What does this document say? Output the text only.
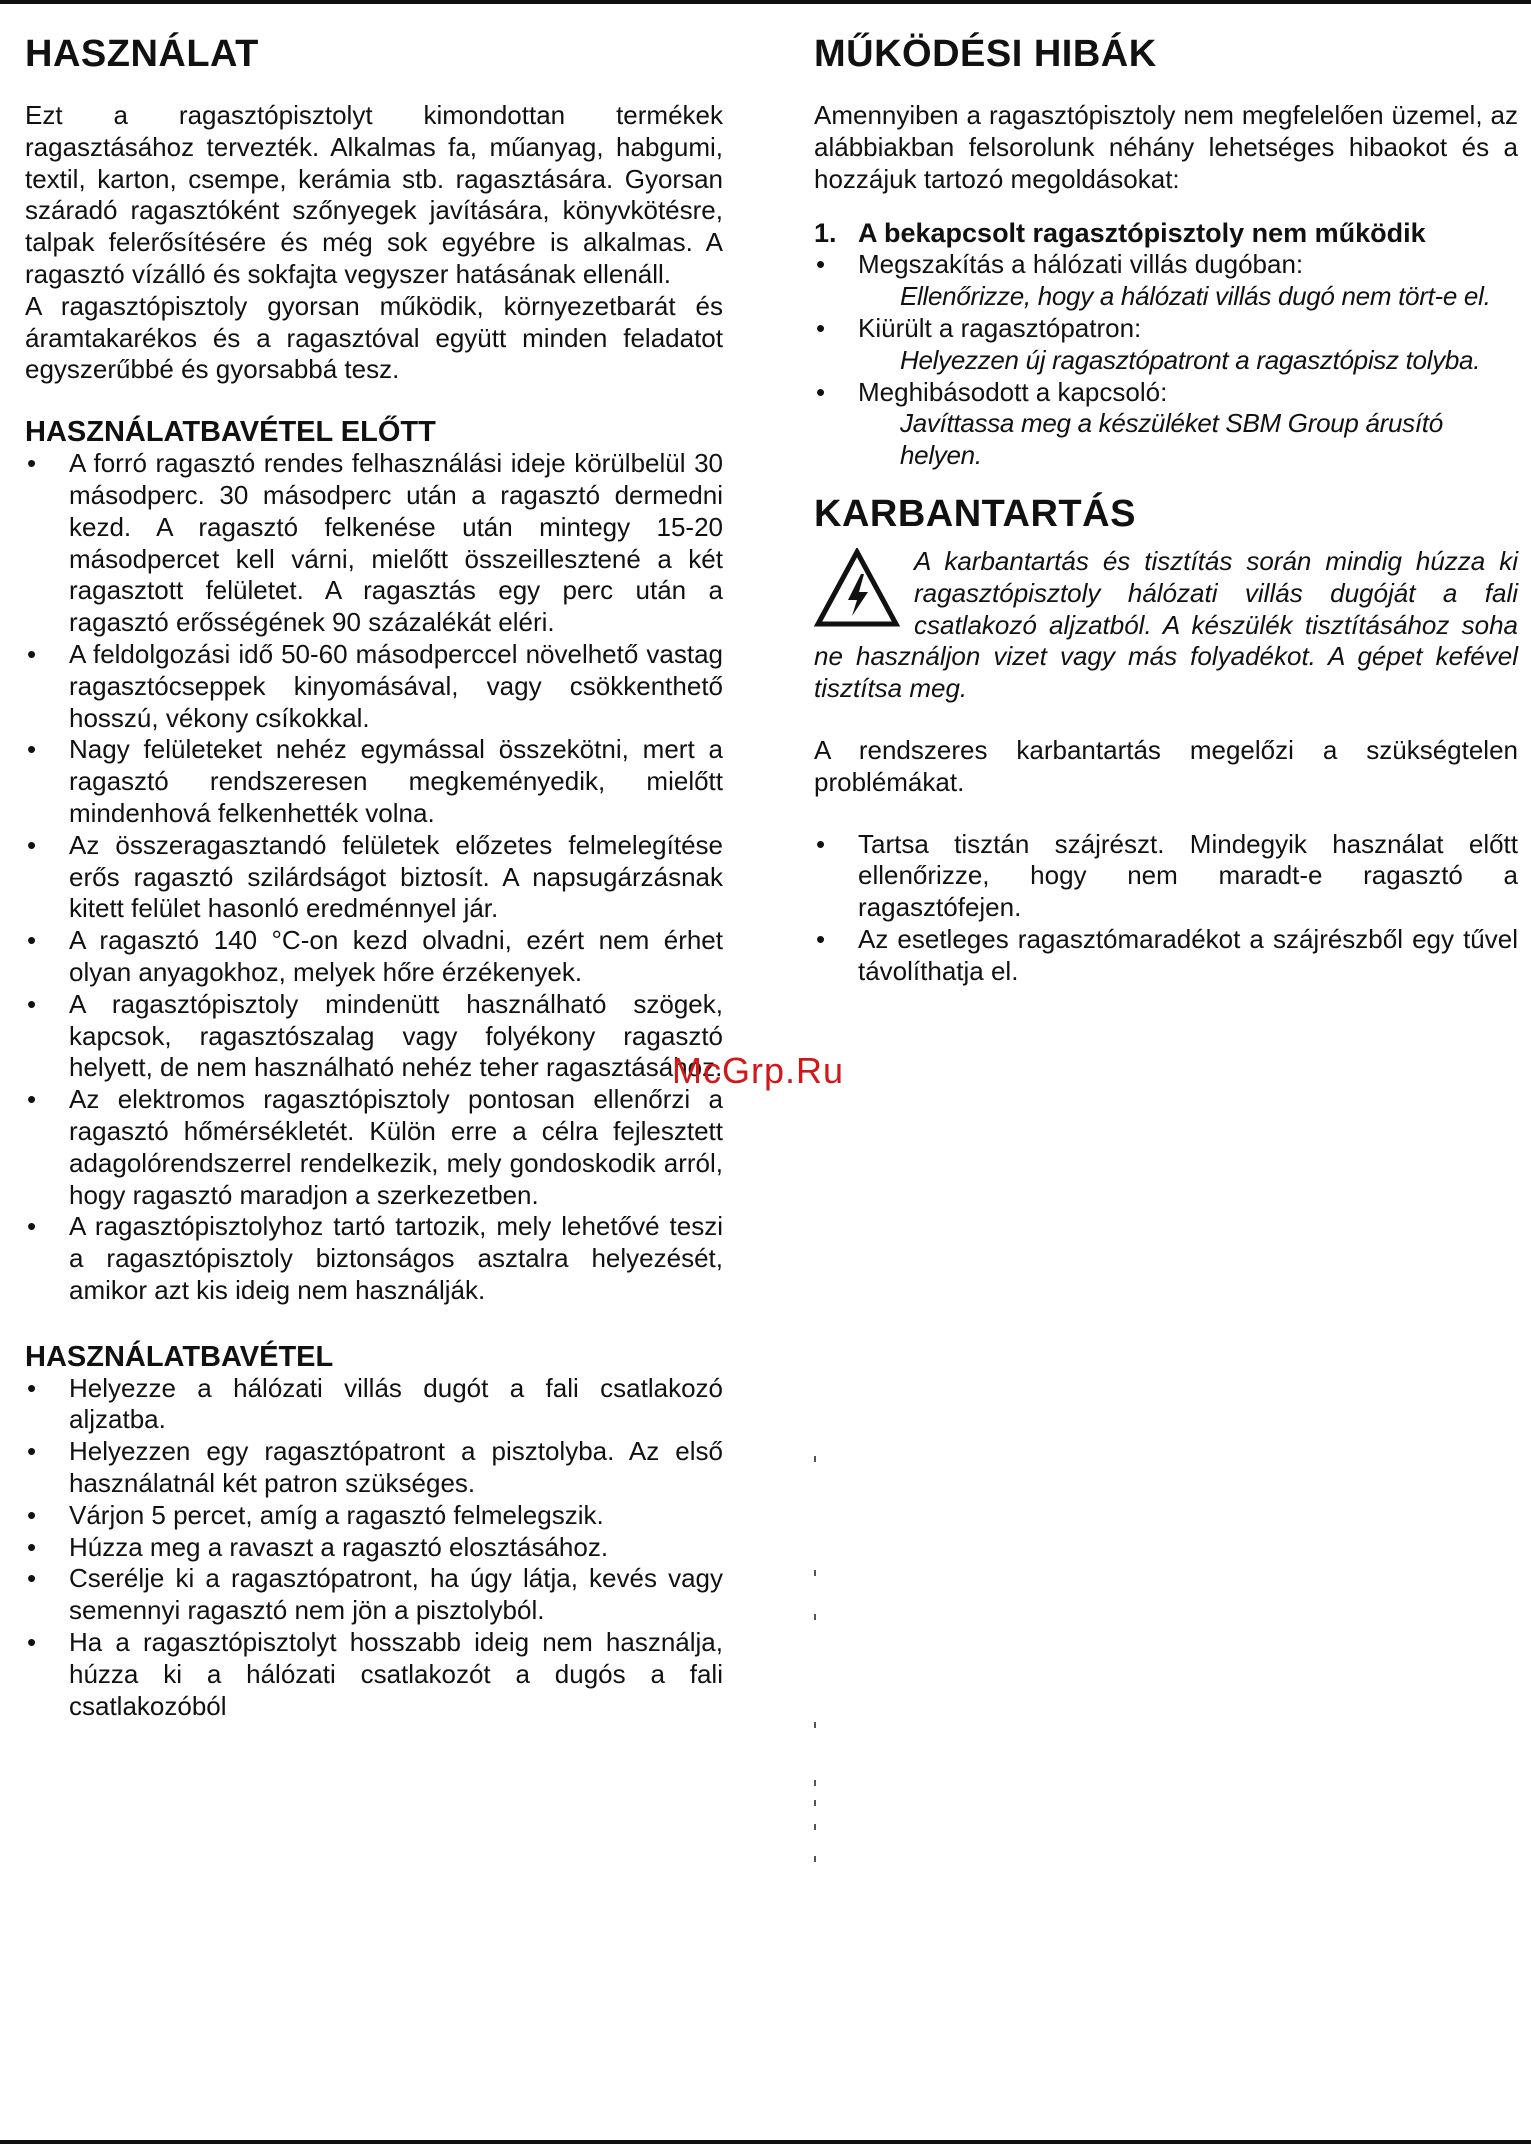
HASZNÁLAT

Ezt a ragasztópisztolyt kimondottan termékek ragasztásához tervezték. Alkalmas fa, műanyag, habgumi, textil, karton, csempe, kerámia stb. ragasztására. Gyorsan száradó ragasztóként szőnyegek javítására, könyvkötésre, talpak felerősítésére és még sok egyébre is alkalmas. A ragasztó vízálló és sokfajta vegyszer hatásának ellenáll.

A ragasztópisztoly gyorsan működik, környezetbarát és áramtakarékos és a ragasztóval együtt minden feladatot egyszerűbbé és gyorsabbá tesz.

HASZNÁLATBAVÉTEL ELŐTT
• A forró ragasztó rendes felhasználási ideje körülbelül 30 másodperc. 30 másodperc után a ragasztó dermedni kezd. A ragasztó felkenése után mintegy 15-20 másodpercet kell várni, mielőtt összeillesztené a két ragasztott felületet. A ragasztás egy perc után a ragasztó erősségének 90 százalékát eléri.
• A feldolgozási idő 50-60 másodperccel növelhető vastag ragasztócseppek kinyomásával, vagy csökkenthető hosszú, vékony csíkokkal.
• Nagy felületeket nehéz egymással összekötni, mert a ragasztó rendszeresen megkeményedik, mielőtt mindenhová felkenhették volna.
• Az összeragasztandó felületek előzetes felmelegítése erős ragasztó szilárdságot biztosít. A napsugárzásnak kitett felület hasonló eredménnyel jár.
• A ragasztó 140 °C-on kezd olvadni, ezért nem érhet olyan anyagokhoz, melyek hőre érzékenyek.
• A ragasztópisztoly mindenütt használható szögek, kapcsok, ragasztószalag vagy folyékony ragasztó helyett, de nem használható nehéz teher ragasztásához.
• Az elektromos ragasztópisztoly pontosan ellenőrzi a ragasztó hőmérsékletét. Külön erre a célra fejlesztett adagolórendszerrel rendelkezik, mely gondoskodik arról, hogy ragasztó maradjon a szerkezetben.
• A ragasztópisztolyhoz tartó tartozik, mely lehetővé teszi a ragasztópisztoly biztonságos asztalra helyezését, amikor azt kis ideig nem használják.
HASZNÁLATBAVÉTEL
• Helyezze a hálózati villás dugót a fali csatlakozó aljzatba.
• Helyezzen egy ragasztópatront a pisztolyba. Az első használatnál két patron szükséges.
• Várjon 5 percet, amíg a ragasztó felmelegszik.
• Húzza meg a ravaszt a ragasztó elosztásához.
• Cserélje ki a ragasztópatront, ha úgy látja, kevés vagy semennyi ragasztó nem jön a pisztolyból.
• Ha a ragasztópisztolyt hosszabb ideig nem használja, húzza ki a hálózati csatlakozót a dugós a fali csatlakozóból
MŰKÖDÉSI HIBÁK

Amennyiben a ragasztópisztoly nem megfelelően üzemel, az alábbiakban felsorolunk néhány lehetséges hibaokot és a hozzájuk tartozó megoldásokat:

1. A bekapcsolt ragasztópisztoly nem működik
• Megszakítás a hálózati villás dugóban:
Ellenőrizze, hogy a hálózati villás dugó nem tört-e el.
• Kiürült a ragasztópatron:
Helyezzen új ragasztópatront a ragasztópisz tolyba.
• Meghibásodott a kapcsoló:
Javíttassa meg a készüléket SBM Group árusító helyen.
KARBANTARTÁS
A karbantartás és tisztítás során mindig húzza ki ragasztópisztoly hálózati villás dugóját a fali csatlakozó aljzatból. A készülék tisztításához soha ne használjon vizet vagy más folyadékot. A gépet kefével tisztítsa meg.

A rendszeres karbantartás megelőzi a szükségtelen problémákat.

• Tartsa tisztán szájrészt. Mindegyik használat előtt ellenőrizze, hogy nem maradt-e ragasztó a ragasztófejen.
• Az esetleges ragasztómaradékot a szájrészből egy tűvel távolíthatja el.
McGrp.Ru
